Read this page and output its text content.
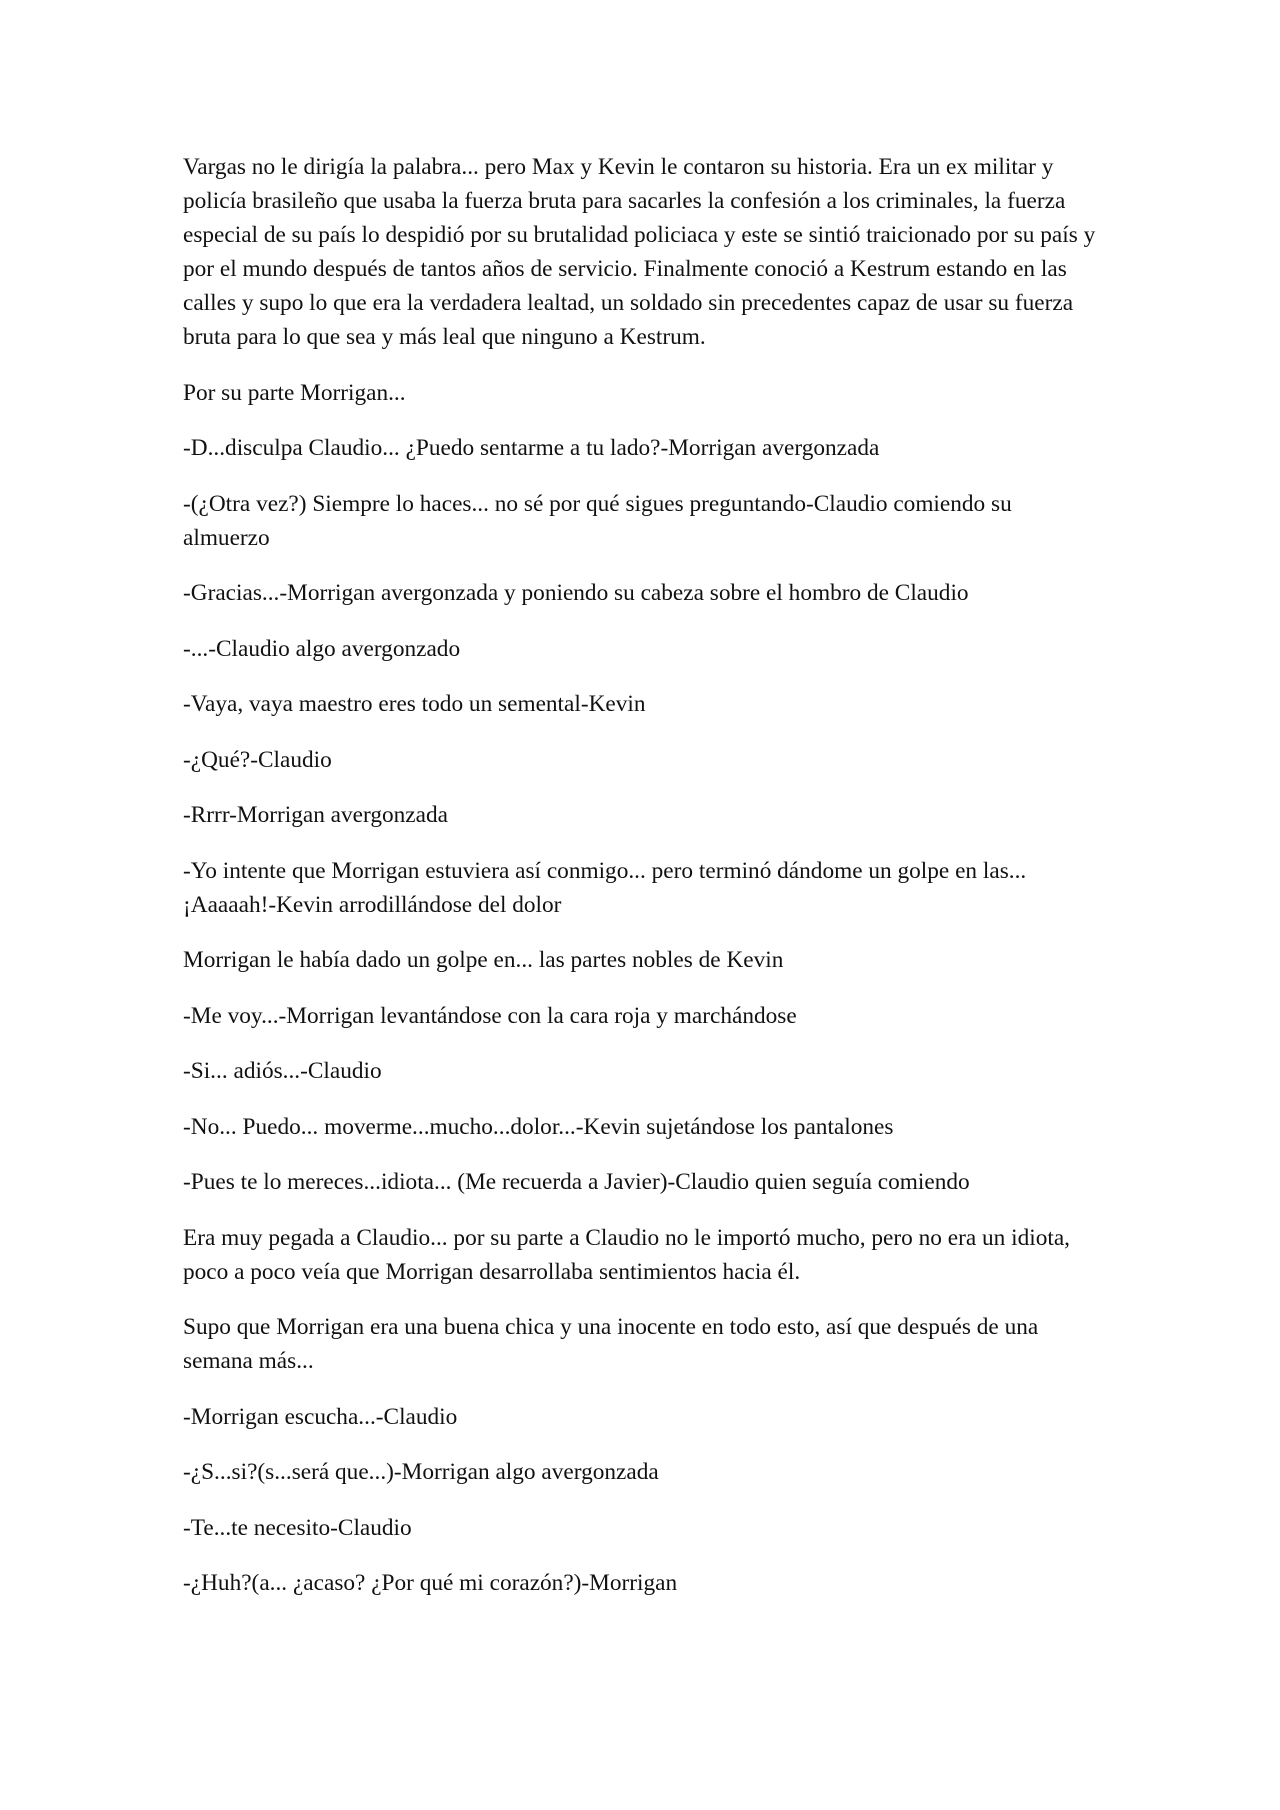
Vargas no le dirigía la palabra... pero Max y Kevin le contaron su historia. Era un ex militar y policía brasileño que usaba la fuerza bruta para sacarles la confesión a los criminales, la fuerza especial de su país lo despidió por su brutalidad policiaca y este se sintió traicionado por su país y por el mundo después de tantos años de servicio. Finalmente conoció a Kestrum estando en las calles y supo lo que era la verdadera lealtad, un soldado sin precedentes capaz de usar su fuerza bruta para lo que sea y más leal que ninguno a Kestrum.

Por su parte Morrigan...

-D...disculpa Claudio... ¿Puedo sentarme a tu lado?-Morrigan avergonzada

-(¿Otra vez?) Siempre lo haces... no sé por qué sigues preguntando-Claudio comiendo su almuerzo

-Gracias...-Morrigan avergonzada y poniendo su cabeza sobre el hombro de Claudio

-...-Claudio algo avergonzado

-Vaya, vaya maestro eres todo un semental-Kevin

-¿Qué?-Claudio

-Rrrr-Morrigan avergonzada

-Yo intente que Morrigan estuviera así conmigo... pero terminó dándome un golpe en las... ¡Aaaaah!-Kevin arrodillándose del dolor

Morrigan le había dado un golpe en... las partes nobles de Kevin

-Me voy...-Morrigan levantándose con la cara roja y marchándose

-Si... adiós...-Claudio

-No... Puedo... moverme...mucho...dolor...-Kevin sujetándose los pantalones

-Pues te lo mereces...idiota... (Me recuerda a Javier)-Claudio quien seguía comiendo

Era muy pegada a Claudio... por su parte a Claudio no le importó mucho, pero no era un idiota, poco a poco veía que Morrigan desarrollaba sentimientos hacia él.

Supo que Morrigan era una buena chica y una inocente en todo esto, así que después de una semana más...

-Morrigan escucha...-Claudio

-¿S...si?(s...será que...)-Morrigan algo avergonzada

-Te...te necesito-Claudio

-¿Huh?(a... ¿acaso? ¿Por qué mi corazón?)-Morrigan
